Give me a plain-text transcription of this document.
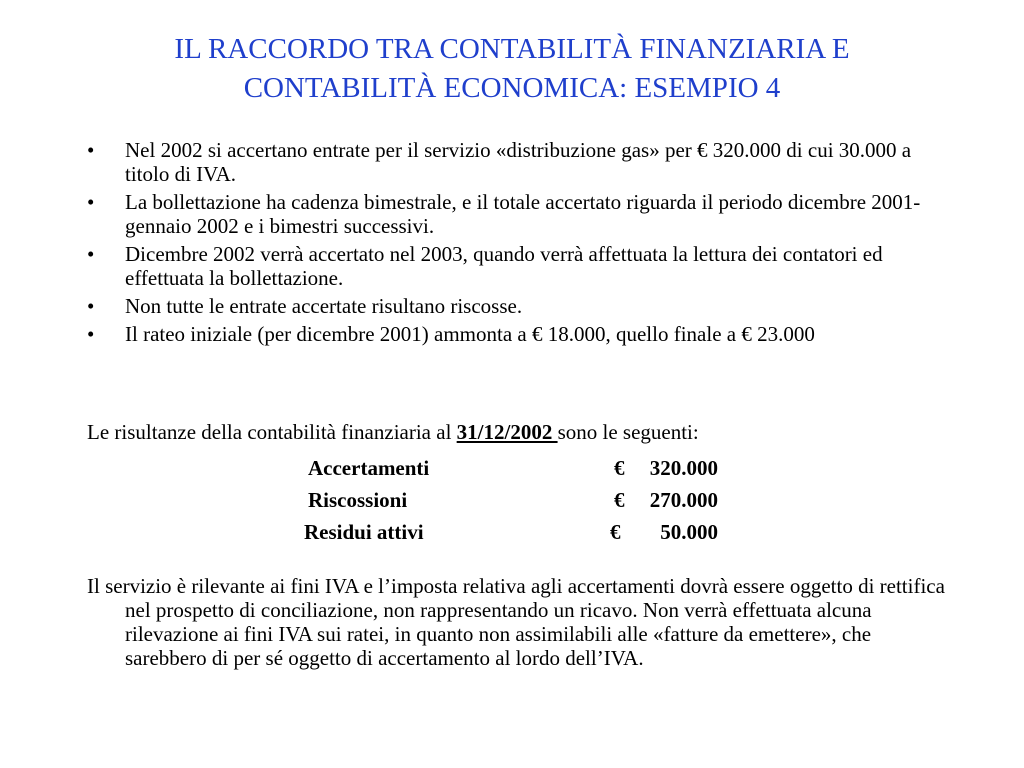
IL RACCORDO TRA CONTABILITÀ FINANZIARIA E
CONTABILITÀ ECONOMICA: ESEMPIO 4
• Nel 2002 si accertano entrate per il servizio «distribuzione gas» per € 320.000 di cui 30.000 a titolo di IVA.
• La bollettazione ha cadenza bimestrale, e il totale accertato riguarda il periodo dicembre 2001-gennaio 2002 e i bimestri successivi.
• Dicembre 2002 verrà accertato nel 2003, quando verrà affettuata la lettura dei contatori ed effettuata la bollettazione.
• Non tutte le entrate accertate risultano riscosse.
• Il rateo iniziale (per dicembre 2001) ammonta a € 18.000, quello finale a € 23.000
Le risultanze della contabilità finanziaria al 31/12/2002 sono le seguenti:
Accertamenti	€	320.000
Riscossioni	€	270.000
Residui attivi	€	50.000
Il servizio è rilevante ai fini IVA e l’imposta relativa agli accertamenti dovrà essere oggetto di rettifica nel prospetto di conciliazione, non rappresentando un ricavo. Non verrà effettuata alcuna rilevazione ai fini IVA sui ratei, in quanto non assimilabili alle «fatture da emettere», che sarebbero di per sé oggetto di accertamento al lordo dell’IVA.
